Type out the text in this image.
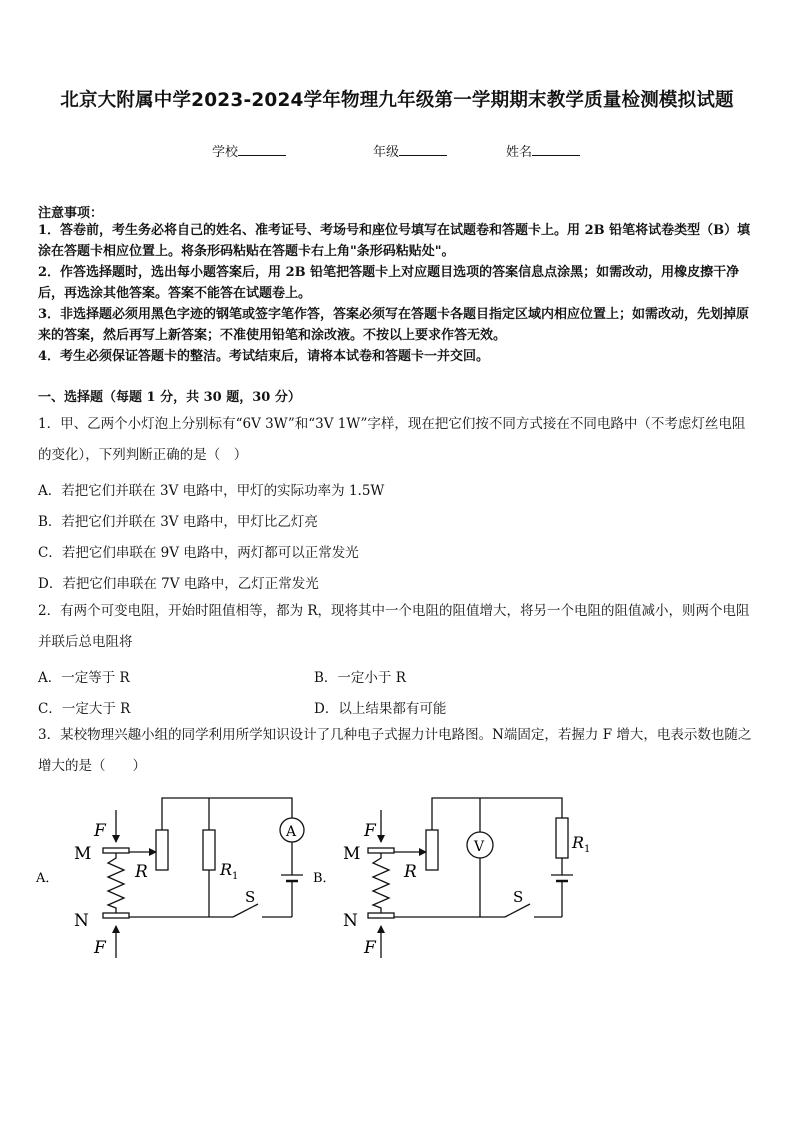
北京大附属中学2023-2024学年物理九年级第一学期期末教学质量检测模拟试题
学校	年级	姓名
注意事项：

1．答卷前，考生务必将自己的姓名、准考证号、考场号和座位号填写在试题卷和答题卡上。用 2B 铅笔将试卷类型（B）填涂在答题卡相应位置上。将条形码粘贴在答题卡右上角"条形码粘贴处"。

2．作答选择题时，选出每小题答案后，用 2B 铅笔把答题卡上对应题目选项的答案信息点涂黑；如需改动，用橡皮擦干净后，再选涂其他答案。答案不能答在试题卷上。

3．非选择题必须用黑色字迹的钢笔或签字笔作答，答案必须写在答题卡各题目指定区域内相应位置上；如需改动，先划掉原来的答案，然后再写上新答案；不准使用铅笔和涂改液。不按以上要求作答无效。

4．考生必须保证答题卡的整洁。考试结束后，请将本试卷和答题卡一并交回。

一、选择题（每题 1 分，共 30 题，30 分）

1．甲、乙两个小灯泡上分别标有“6V 3W”和“3V 1W”字样，现在把它们按不同方式接在不同电路中（不考虑灯丝电阻的变化），下列判断正确的是（　）

A．若把它们并联在 3V 电路中，甲灯的实际功率为 1.5W
B．若把它们并联在 3V 电路中，甲灯比乙灯亮
C．若把它们串联在 9V 电路中，两灯都可以正常发光
D．若把它们串联在 7V 电路中，乙灯正常发光

2．有两个可变电阻，开始时阻值相等，都为 R，现将其中一个电阻的阻值增大，将另一个电阻的阻值减小，则两个电阻并联后总电阻将

A．一定等于 R	B．一定小于 R
C．一定大于 R	D．以上结果都有可能

3．某校物理兴趣小组的同学利用所学知识设计了几种电子式握力计电路图。N端固定，若握力 F 增大，电表示数也随之增大的是（　　）

A．
F
F
M
N
R	R 1
A
S
B．
F
F
M
N
R
R 1
V
S
